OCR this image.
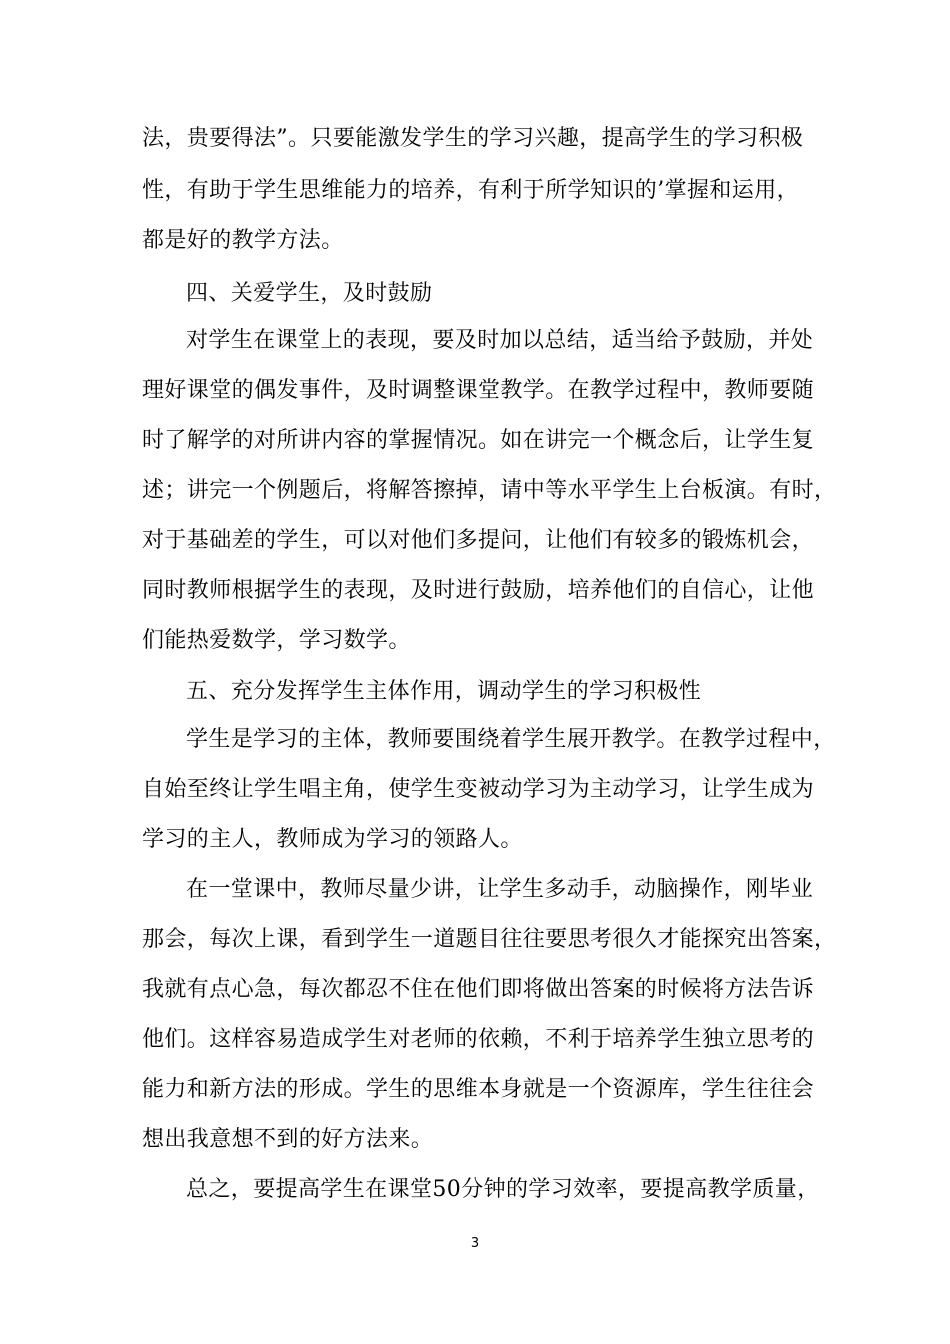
法，贵要得法”。只要能激发学生的学习兴趣，提高学生的学习积极
性，有助于学生思维能力的培养，有利于所学知识的’掌握和运用，
都是好的教学方法。
四、关爱学生，及时鼓励
对学生在课堂上的表现，要及时加以总结，适当给予鼓励，并处
理好课堂的偶发事件，及时调整课堂教学。在教学过程中，教师要随
时了解学的对所讲内容的掌握情况。如在讲完一个概念后，让学生复
述；讲完一个例题后，将解答擦掉，请中等水平学生上台板演。有时，
对于基础差的学生，可以对他们多提问，让他们有较多的锻炼机会，
同时教师根据学生的表现，及时进行鼓励，培养他们的自信心，让他
们能热爱数学，学习数学。
五、充分发挥学生主体作用，调动学生的学习积极性
学生是学习的主体，教师要围绕着学生展开教学。在教学过程中，
自始至终让学生唱主角，使学生变被动学习为主动学习，让学生成为
学习的主人，教师成为学习的领路人。
在一堂课中，教师尽量少讲，让学生多动手，动脑操作，刚毕业
那会，每次上课，看到学生一道题目往往要思考很久才能探究出答案，
我就有点心急，每次都忍不住在他们即将做出答案的时候将方法告诉
他们。这样容易造成学生对老师的依赖，不利于培养学生独立思考的
能力和新方法的形成。学生的思维本身就是一个资源库，学生往往会
想出我意想不到的好方法来。
总之，要提高学生在课堂50分钟的学习效率，要提高教学质量，
3
